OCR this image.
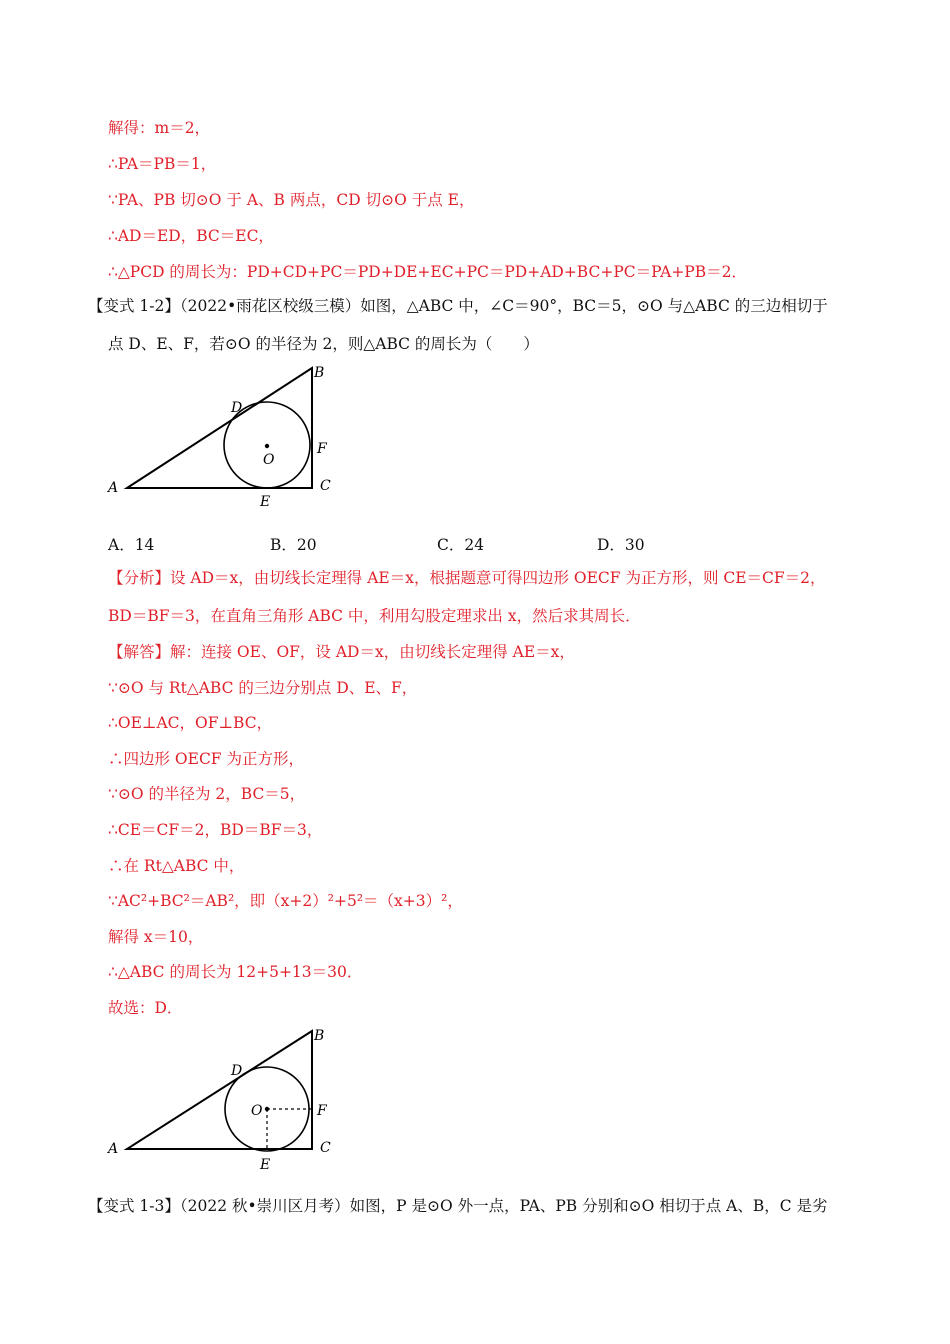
解得：m＝2，
∴PA＝PB＝1，
∵PA、PB 切⊙O 于 A、B 两点，CD 切⊙O 于点 E，
∴AD＝ED，BC＝EC，
∴△PCD 的周长为：PD+CD+PC＝PD+DE+EC+PC＝PD+AD+BC+PC＝PA+PB＝2．
【变式 1-2】（2022•雨花区校级三模）如图，△ABC 中，∠C＝90°，BC＝5，⊙O 与△ABC 的三边相切于
点 D、E、F，若⊙O 的半径为 2，则△ABC 的周长为（　　）
A
B
C
D
E
F
O
A．14	B．20	C．24	D．30
【分析】设 AD＝x，由切线长定理得 AE＝x，根据题意可得四边形 OECF 为正方形，则 CE＝CF＝2，
BD＝BF＝3，在直角三角形 ABC 中，利用勾股定理求出 x，然后求其周长．
【解答】解：连接 OE、OF，设 AD＝x，由切线长定理得 AE＝x，
∵⊙O 与 Rt△ABC 的三边分别点 D、E、F，
∴OE⊥AC，OF⊥BC，
∴四边形 OECF 为正方形，
∵⊙O 的半径为 2，BC＝5，
∴CE＝CF＝2，BD＝BF＝3，
∴在 Rt△ABC 中，
∵AC²+BC²＝AB²，即（x+2）²+5²＝（x+3）²，
解得 x＝10，
∴△ABC 的周长为 12+5+13＝30．
故选：D．
A
B
C
D
E
F
O
【变式 1-3】（2022 秋•崇川区月考）如图，P 是⊙O 外一点，PA、PB 分别和⊙O 相切于点 A、B，C 是劣
